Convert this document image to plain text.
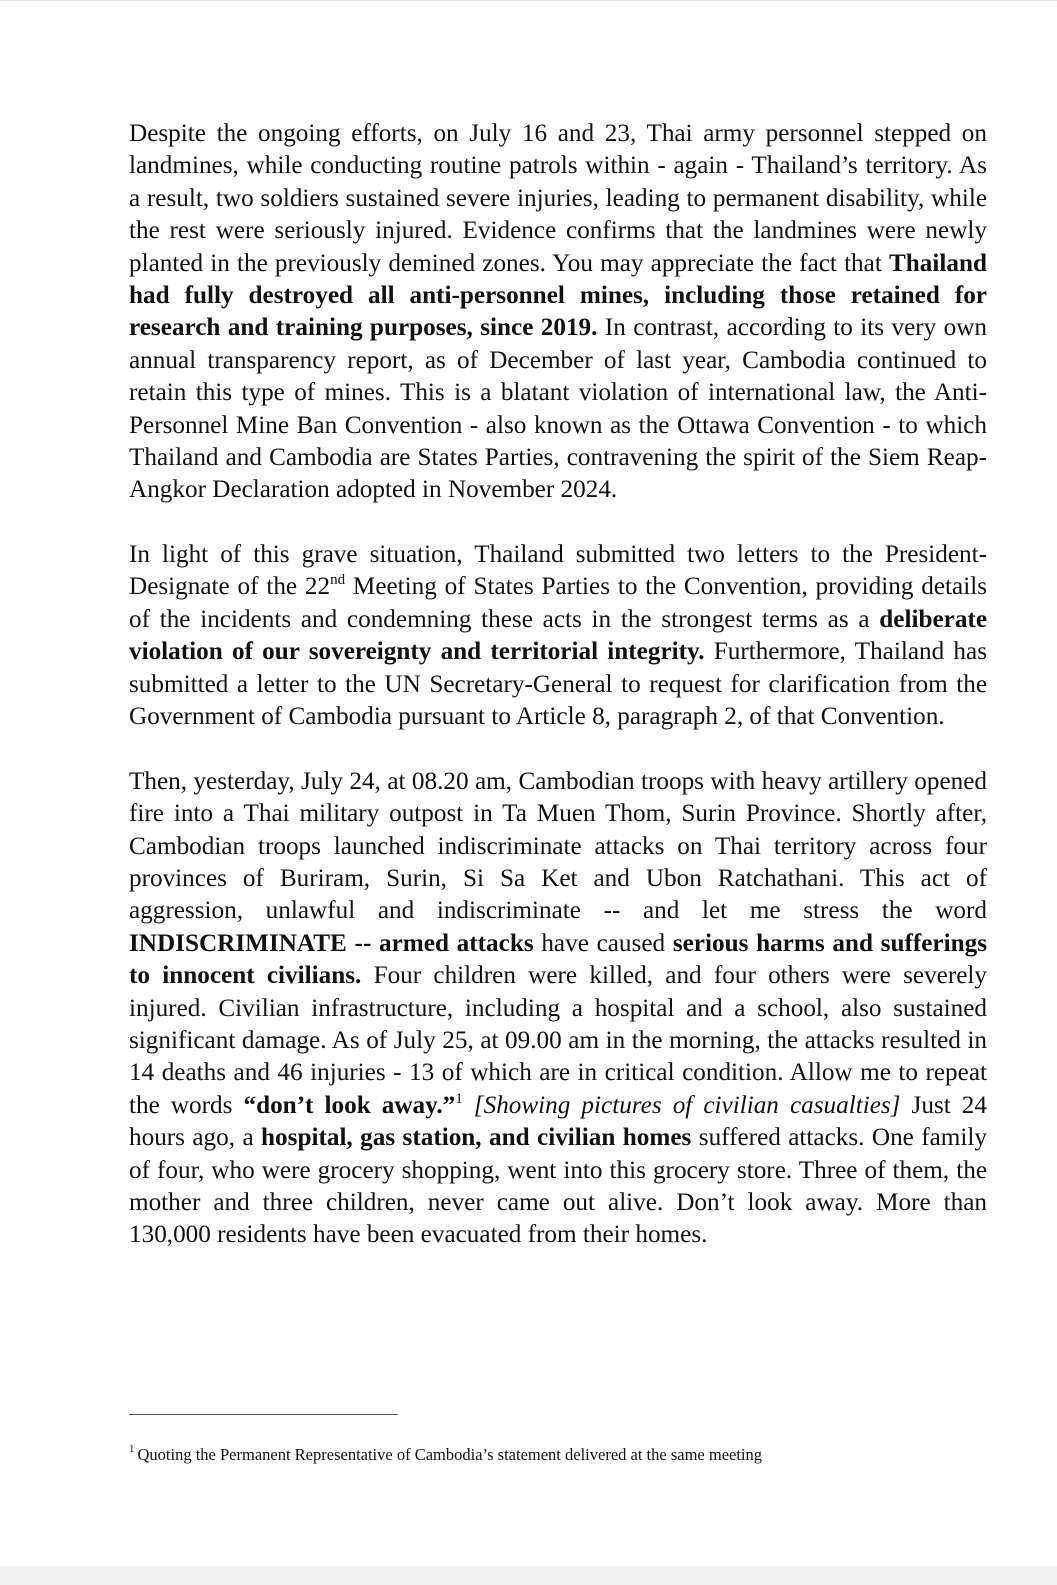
Despite the ongoing efforts, on July 16 and 23, Thai army personnel stepped on landmines, while conducting routine patrols within - again - Thailand’s territory. As a result, two soldiers sustained severe injuries, leading to permanent disability, while the rest were seriously injured. Evidence confirms that the landmines were newly planted in the previously demined zones. You may appreciate the fact that Thailand had fully destroyed all anti-personnel mines, including those retained for research and training purposes, since 2019. In contrast, according to its very own annual transparency report, as of December of last year, Cambodia continued to retain this type of mines. This is a blatant violation of international law, the Anti-Personnel Mine Ban Convention - also known as the Ottawa Convention - to which Thailand and Cambodia are States Parties, contravening the spirit of the Siem Reap-Angkor Declaration adopted in November 2024.

In light of this grave situation, Thailand submitted two letters to the President-Designate of the 22nd Meeting of States Parties to the Convention, providing details of the incidents and condemning these acts in the strongest terms as a deliberate violation of our sovereignty and territorial integrity. Furthermore, Thailand has submitted a letter to the UN Secretary-General to request for clarification from the Government of Cambodia pursuant to Article 8, paragraph 2, of that Convention.

Then, yesterday, July 24, at 08.20 am, Cambodian troops with heavy artillery opened fire into a Thai military outpost in Ta Muen Thom, Surin Province. Shortly after, Cambodian troops launched indiscriminate attacks on Thai territory across four provinces of Buriram, Surin, Si Sa Ket and Ubon Ratchathani. This act of aggression, unlawful and indiscriminate -- and let me stress the word INDISCRIMINATE -- armed attacks have caused serious harms and sufferings to innocent civilians. Four children were killed, and four others were severely injured. Civilian infrastructure, including a hospital and a school, also sustained significant damage. As of July 25, at 09.00 am in the morning, the attacks resulted in 14 deaths and 46 injuries - 13 of which are in critical condition. Allow me to repeat the words “don’t look away.”$^1$ [Showing pictures of civilian casualties] Just 24 hours ago, a hospital, gas station, and civilian homes suffered attacks. One family of four, who were grocery shopping, went into this grocery store. Three of them, the mother and three children, never came out alive. Don’t look away. More than 130,000 residents have been evacuated from their homes.

$^1$ Quoting the Permanent Representative of Cambodia’s statement delivered at the same meeting
